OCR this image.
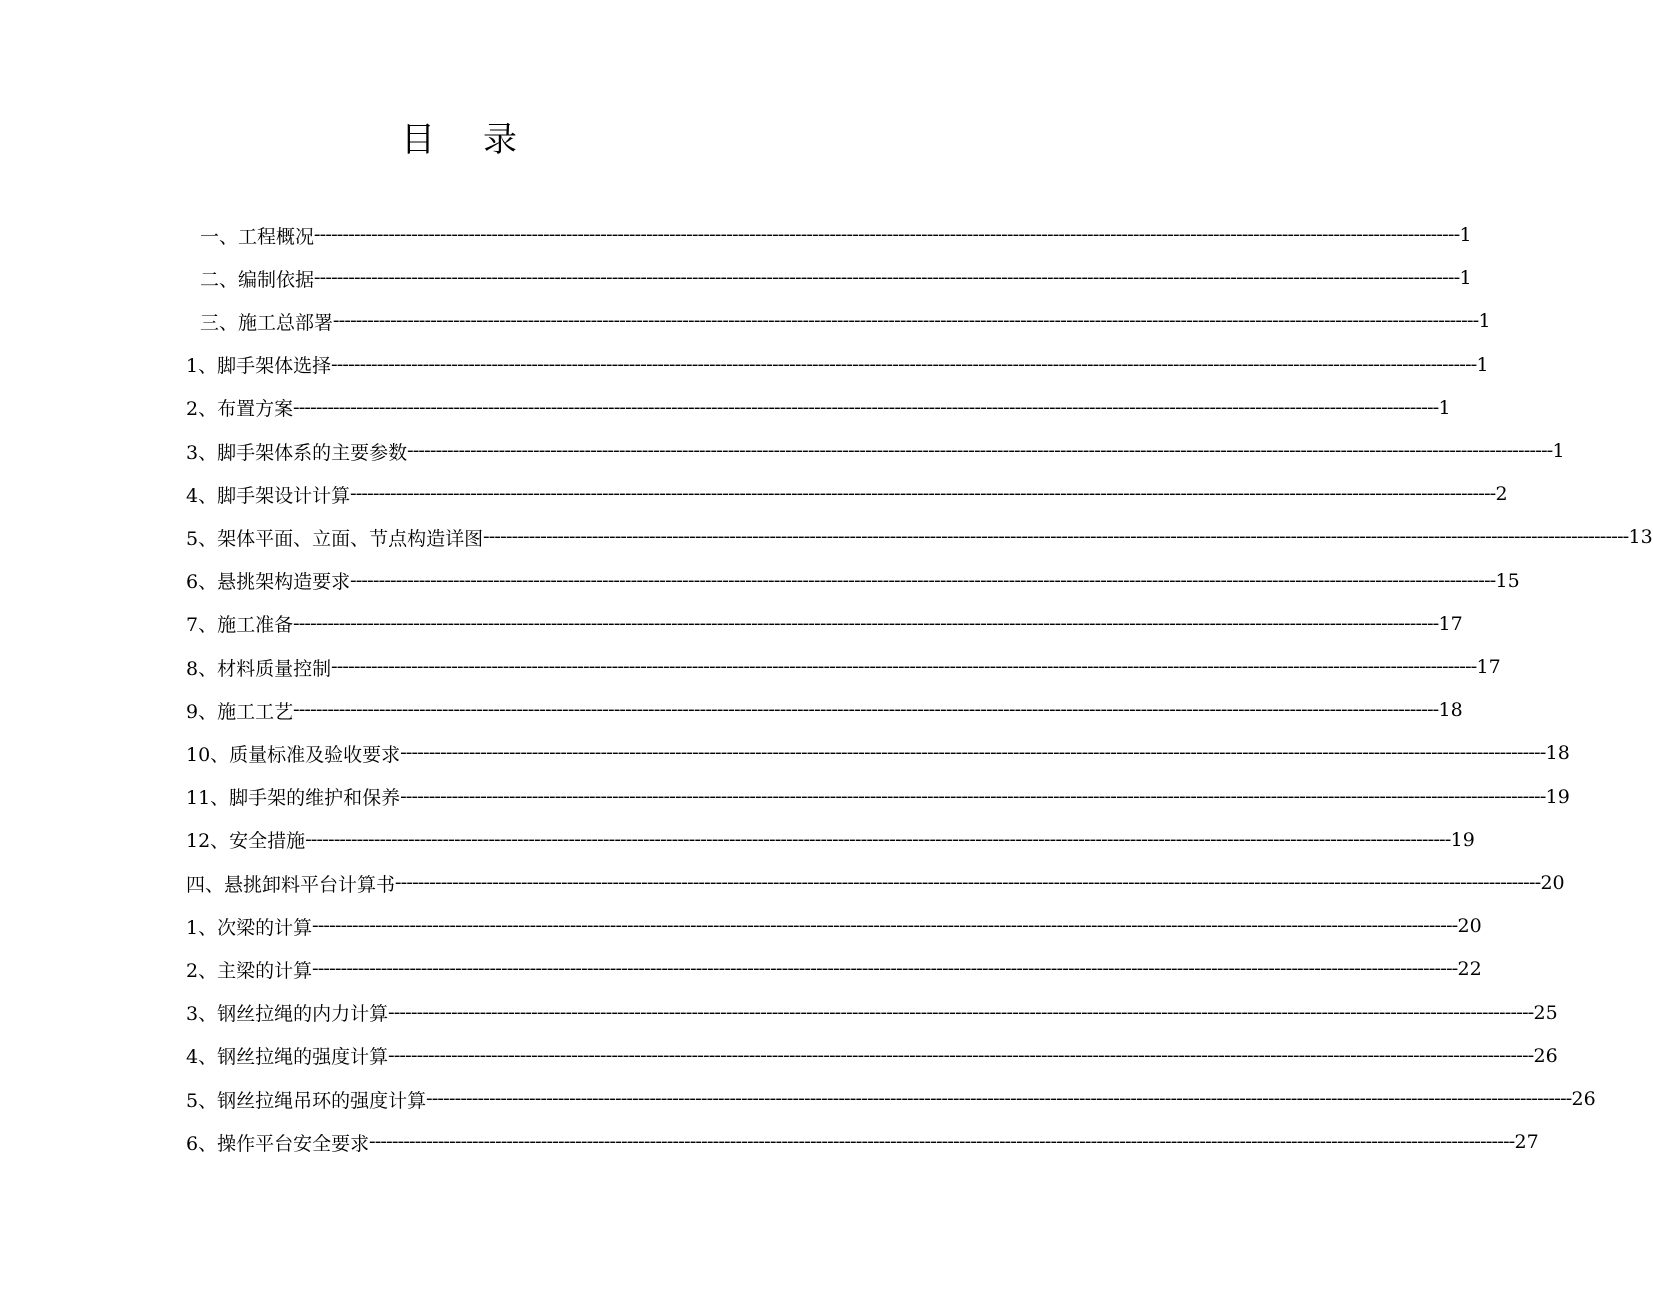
目 录
一、工程概况 -------------------------------------------------------------------------------------------------------------------------------------------------------------------------------------------------------- 1
二、编制依据 -------------------------------------------------------------------------------------------------------------------------------------------------------------------------------------------------------- 1
三、施工总部署 -------------------------------------------------------------------------------------------------------------------------------------------------------------------------------------------------------- 1
1、脚手架体选择 -------------------------------------------------------------------------------------------------------------------------------------------------------------------------------------------------------- 1
2、布置方案 -------------------------------------------------------------------------------------------------------------------------------------------------------------------------------------------------------- 1
3、脚手架体系的主要参数 -------------------------------------------------------------------------------------------------------------------------------------------------------------------------------------------------------- 1
4、脚手架设计计算 -------------------------------------------------------------------------------------------------------------------------------------------------------------------------------------------------------- 2
5、架体平面、立面、节点构造详图 -------------------------------------------------------------------------------------------------------------------------------------------------------------------------------------------------------- 13
6、悬挑架构造要求 -------------------------------------------------------------------------------------------------------------------------------------------------------------------------------------------------------- 15
7、施工准备 -------------------------------------------------------------------------------------------------------------------------------------------------------------------------------------------------------- 17
8、材料质量控制 -------------------------------------------------------------------------------------------------------------------------------------------------------------------------------------------------------- 17
9、施工工艺 -------------------------------------------------------------------------------------------------------------------------------------------------------------------------------------------------------- 18
10、质量标准及验收要求 -------------------------------------------------------------------------------------------------------------------------------------------------------------------------------------------------------- 18
11、脚手架的维护和保养 -------------------------------------------------------------------------------------------------------------------------------------------------------------------------------------------------------- 19
12、安全措施 -------------------------------------------------------------------------------------------------------------------------------------------------------------------------------------------------------- 19
四、悬挑卸料平台计算书 -------------------------------------------------------------------------------------------------------------------------------------------------------------------------------------------------------- 20
1、次梁的计算 -------------------------------------------------------------------------------------------------------------------------------------------------------------------------------------------------------- 20
2、主梁的计算 -------------------------------------------------------------------------------------------------------------------------------------------------------------------------------------------------------- 22
3、钢丝拉绳的内力计算 -------------------------------------------------------------------------------------------------------------------------------------------------------------------------------------------------------- 25
4、钢丝拉绳的强度计算 -------------------------------------------------------------------------------------------------------------------------------------------------------------------------------------------------------- 26
5、钢丝拉绳吊环的强度计算 -------------------------------------------------------------------------------------------------------------------------------------------------------------------------------------------------------- 26
6、操作平台安全要求 -------------------------------------------------------------------------------------------------------------------------------------------------------------------------------------------------------- 27
